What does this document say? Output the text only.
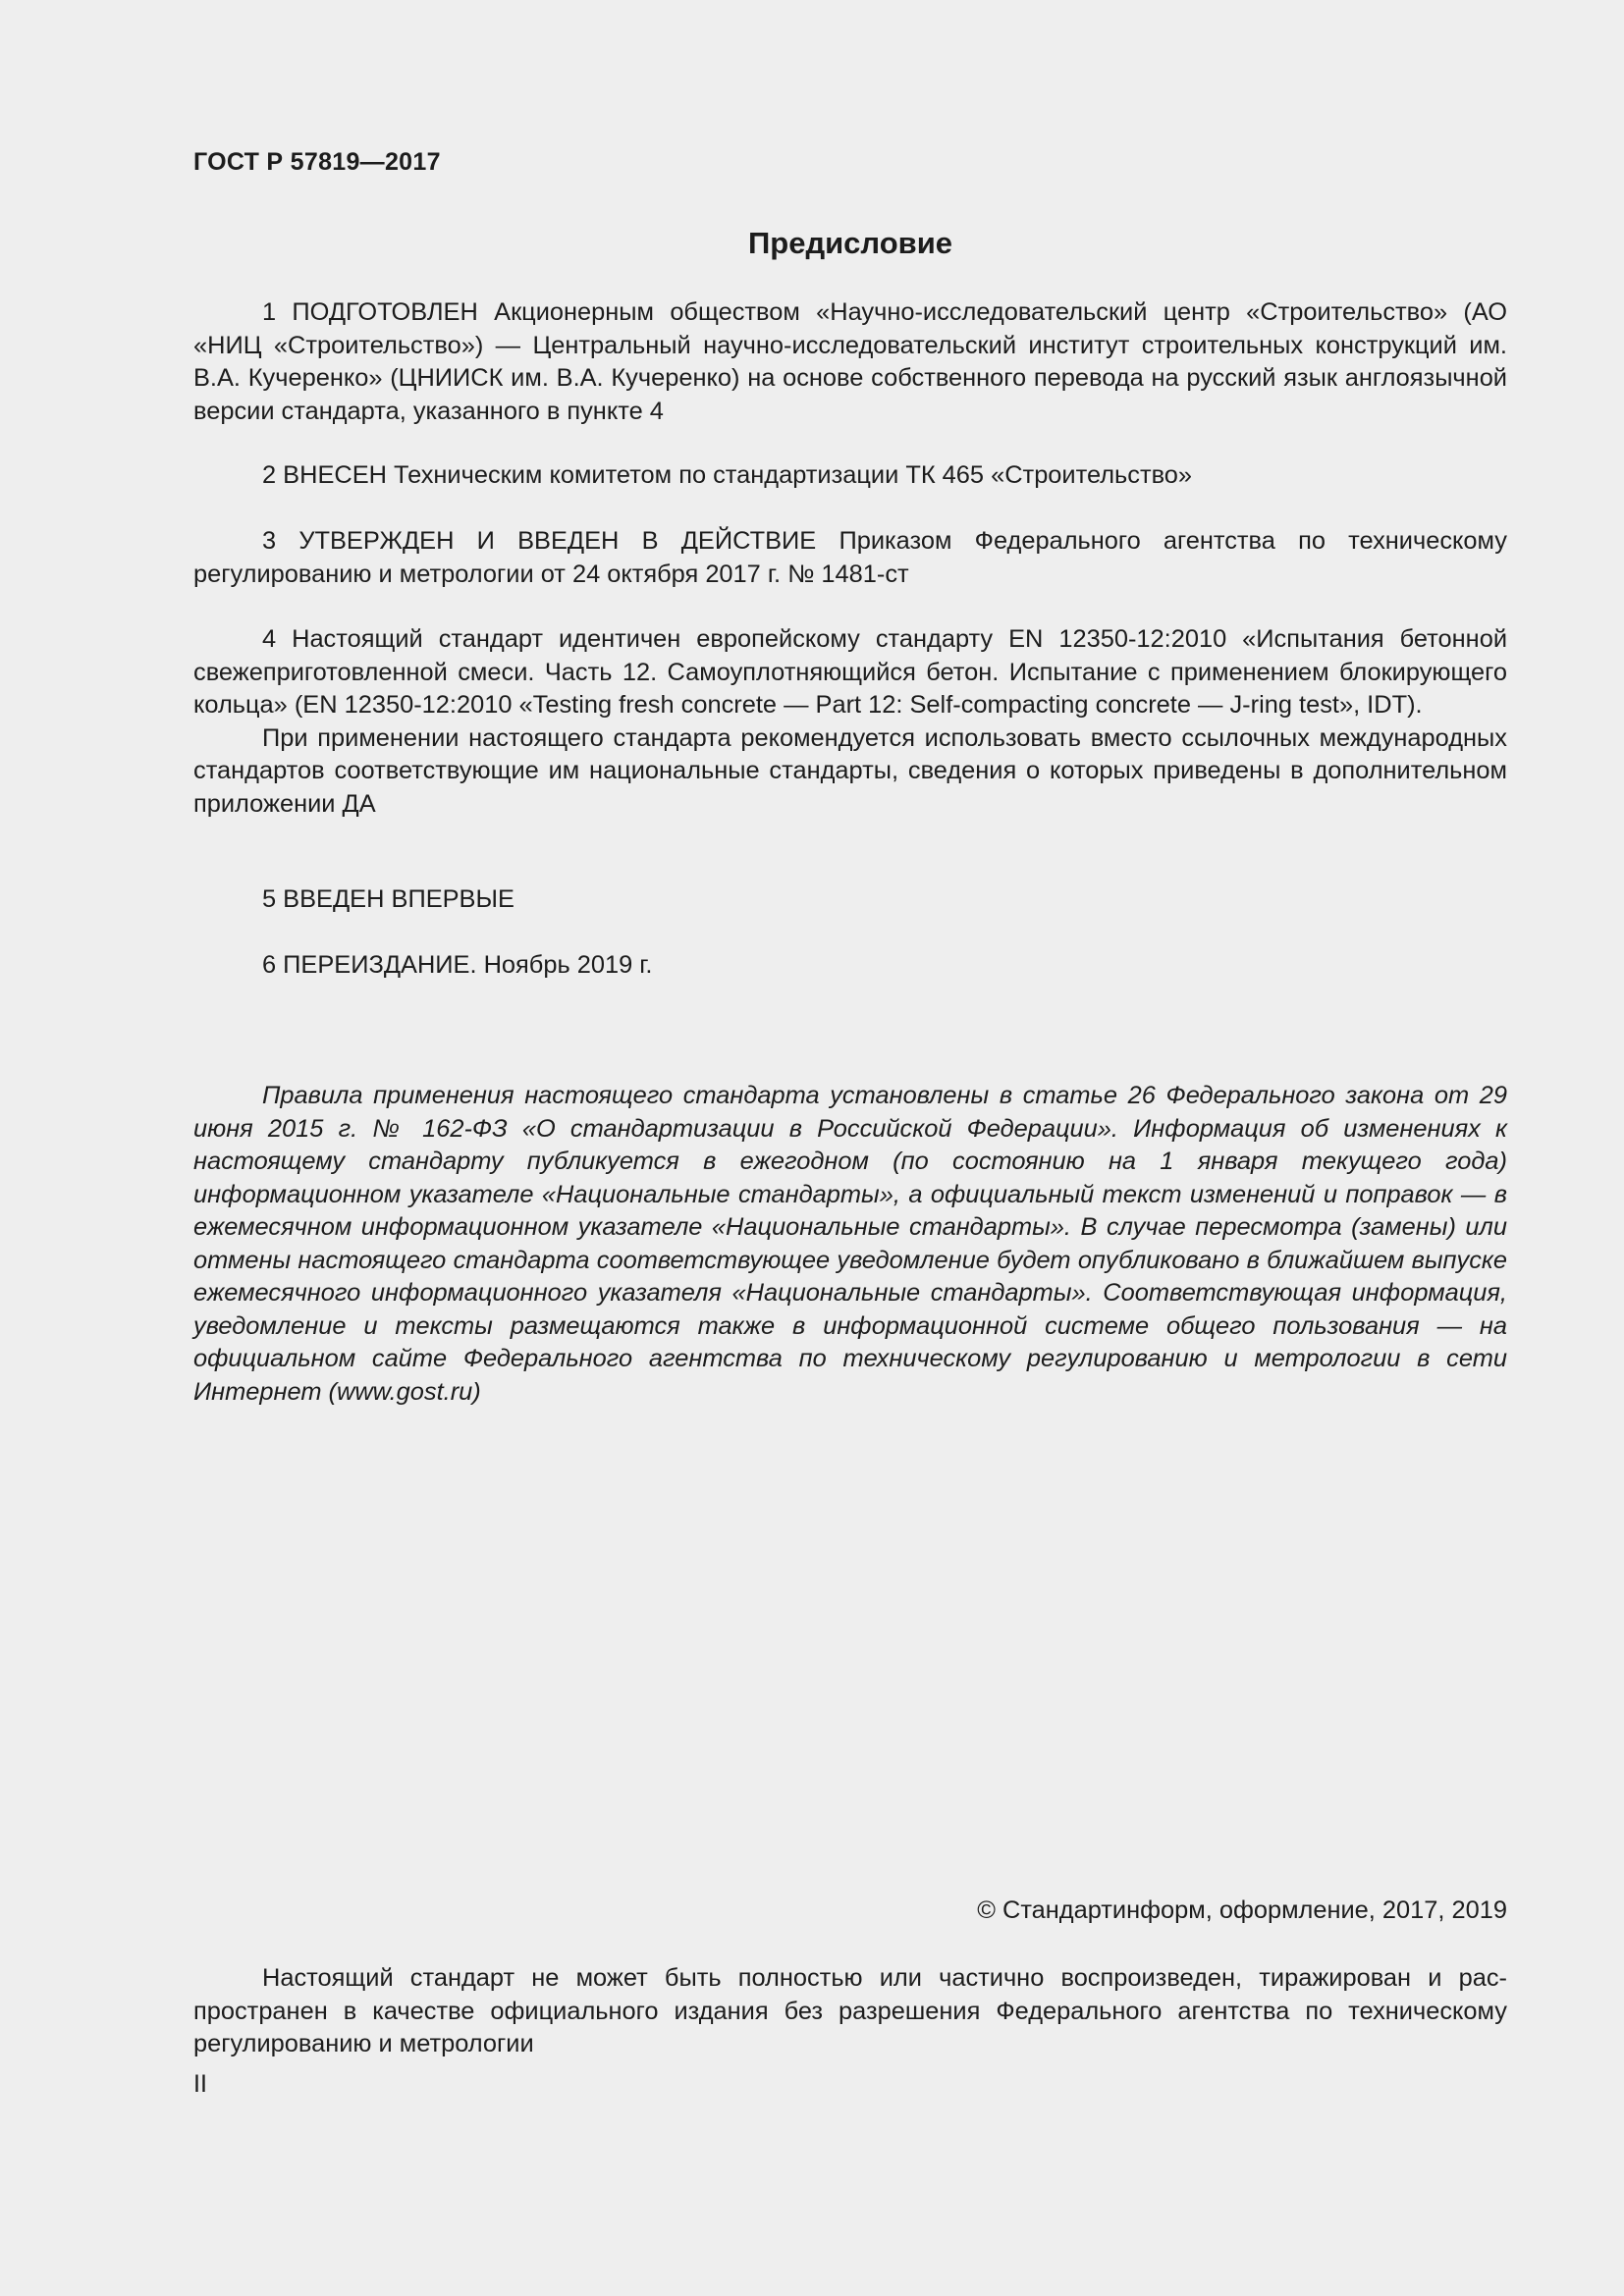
ГОСТ Р 57819—2017
Предисловие

1 ПОДГОТОВЛЕН Акционерным обществом «Научно-исследовательский центр «Строительство» (АО «НИЦ «Строительство») — Центральный научно-исследовательский институт строительных конструкций им. В.А. Кучеренко» (ЦНИИСК им. В.А. Кучеренко) на основе собственного перевода на русский язык англоязычной версии стандарта, указанного в пункте 4

2 ВНЕСЕН Техническим комитетом по стандартизации ТК 465 «Строительство»

3 УТВЕРЖДЕН И ВВЕДЕН В ДЕЙСТВИЕ Приказом Федерального агентства по техническому регулированию и метрологии от 24 октября 2017 г. № 1481-ст

4 Настоящий стандарт идентичен европейскому стандарту EN 12350-12:2010 «Испытания бетонной свежеприготовленной смеси. Часть 12. Самоуплотняющийся бетон. Испытание с применением блокирующего кольца» (EN 12350-12:2010 «Testing fresh concrete — Part 12: Self-compacting concrete — J-ring test», IDT).

При применении настоящего стандарта рекомендуется использовать вместо ссылочных международных стандартов соответствующие им национальные стандарты, сведения о которых приведены в дополнительном приложении ДА

5 ВВЕДЕН ВПЕРВЫЕ

6 ПЕРЕИЗДАНИЕ. Ноябрь 2019 г.

Правила применения настоящего стандарта установлены в статье 26 Федерального закона от 29 июня 2015 г. № 162-ФЗ «О стандартизации в Российской Федерации». Информация об изменениях к настоящему стандарту публикуется в ежегодном (по состоянию на 1 января текущего года) информационном указателе «Национальные стандарты», а официальный текст изменений и поправок — в ежемесячном информационном указателе «Национальные стандарты». В случае пересмотра (замены) или отмены настоящего стандарта соответствующее уведомление будет опубликовано в ближайшем выпуске ежемесячного информационного указателя «Национальные стандарты». Соответствующая информация, уведомление и тексты размещаются также в информационной системе общего пользования — на официальном сайте Федерального агентства по техническому регулированию и метрологии в сети Интернет (www.gost.ru)

© Стандартинформ, оформление, 2017, 2019

Настоящий стандарт не может быть полностью или частично воспроизведен, тиражирован и распространен в качестве официального издания без разрешения Федерального агентства по техническому регулированию и метрологии

II
